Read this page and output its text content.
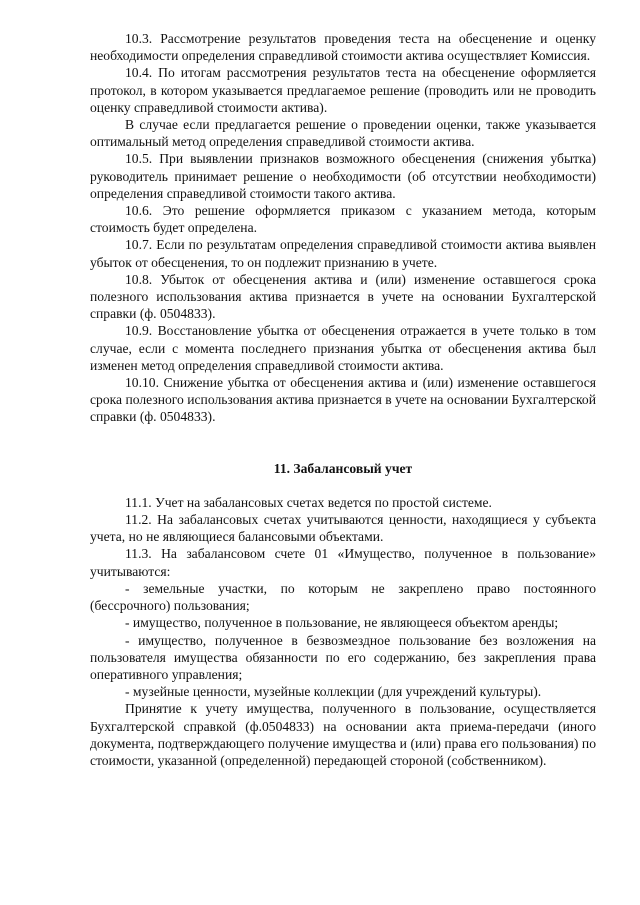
10.3. Рассмотрение результатов проведения теста на обесценение и оценку необходимости определения справедливой стоимости актива осуществляет Комиссия.

10.4. По итогам рассмотрения результатов теста на обесценение оформляется протокол, в котором указывается предлагаемое решение (проводить или не проводить оценку справедливой стоимости актива).

В случае если предлагается решение о проведении оценки, также указывается оптимальный метод определения справедливой стоимости актива.

10.5. При выявлении признаков возможного обесценения (снижения убытка) руководитель принимает решение о необходимости (об отсутствии необходимости) определения справедливой стоимости такого актива.

10.6. Это решение оформляется приказом с указанием метода, которым стоимость будет определена.

10.7. Если по результатам определения справедливой стоимости актива выявлен убыток от обесценения, то он подлежит признанию в учете.

10.8. Убыток от обесценения актива и (или) изменение оставшегося срока полезного использования актива признается в учете на основании Бухгалтерской справки (ф. 0504833).

10.9. Восстановление убытка от обесценения отражается в учете только в том случае, если с момента последнего признания убытка от обесценения актива был изменен метод определения справедливой стоимости актива.

10.10. Снижение убытка от обесценения актива и (или) изменение оставшегося срока полезного использования актива признается в учете на основании Бухгалтерской справки (ф. 0504833).

11. Забалансовый учет

11.1. Учет на забалансовых счетах ведется по простой системе.

11.2. На забалансовых счетах учитываются ценности, находящиеся у субъекта учета, но не являющиеся балансовыми объектами.

11.3. На забалансовом счете 01 «Имущество, полученное в пользование» учитываются:

- земельные участки, по которым не закреплено право постоянного (бессрочного) пользования;

- имущество, полученное в пользование, не являющееся объектом аренды;

- имущество, полученное в безвозмездное пользование без возложения на пользователя имущества обязанности по его содержанию, без закрепления права оперативного управления;

- музейные ценности, музейные коллекции (для учреждений культуры).

Принятие к учету имущества, полученного в пользование, осуществляется Бухгалтерской справкой (ф.0504833) на основании акта приема-передачи (иного документа, подтверждающего получение имущества и (или) права его пользования) по стоимости, указанной (определенной) передающей стороной (собственником).
